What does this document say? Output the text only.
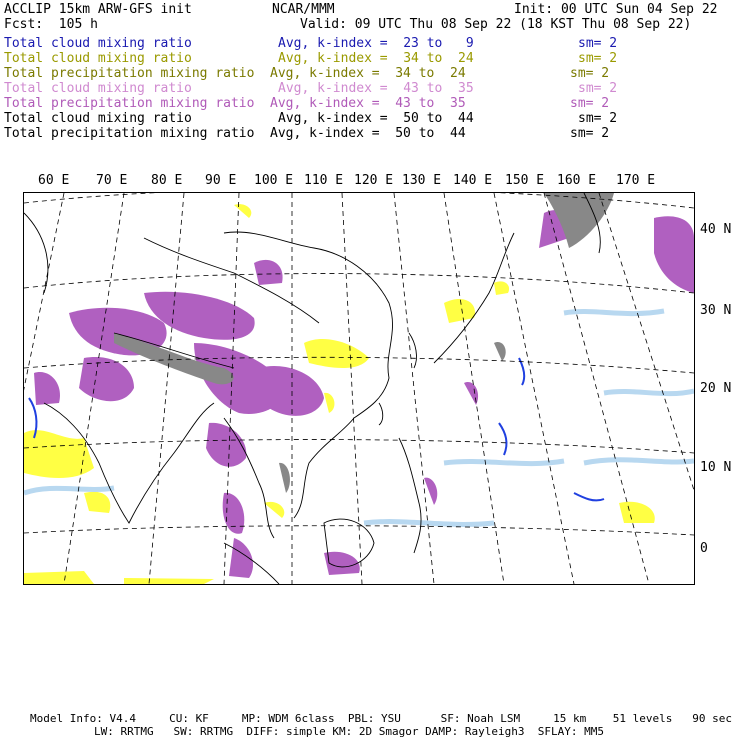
ACCLIP 15km ARW-GFS init	NCAR/MMM	Init: 00 UTC Sun 04 Sep 22
Fcst:  105 h	Valid: 09 UTC Thu 08 Sep 22 (18 KST Thu 08 Sep 22)
Total cloud mixing ratio	Avg, k-index =  23 to   9	sm= 2
Total cloud mixing ratio	Avg, k-index =  34 to  24	sm= 2
Total precipitation mixing ratio Avg, k-index =  34 to  24	sm= 2
Total cloud mixing ratio	Avg, k-index =  43 to  35	sm= 2
Total precipitation mixing ratio Avg, k-index =  43 to  35	sm= 2
Total cloud mixing ratio	Avg, k-index =  50 to  44	sm= 2
Total precipitation mixing ratio Avg, k-index =  50 to  44	sm= 2
60 E 70 E 80 E 90 E 100 E 110 E 120 E 130 E 140 E 150 E 160 E 170 E
40 N
30 N
20 N
10 N
0
Model Info: V4.4     CU: KF     MP: WDM 6class  PBL: YSU      SF: Noah LSM     15 km    51 levels   90 sec
LW: RRTMG   SW: RRTMG  DIFF: simple KM: 2D Smagor DAMP: Rayleigh3  SFLAY: MM5
